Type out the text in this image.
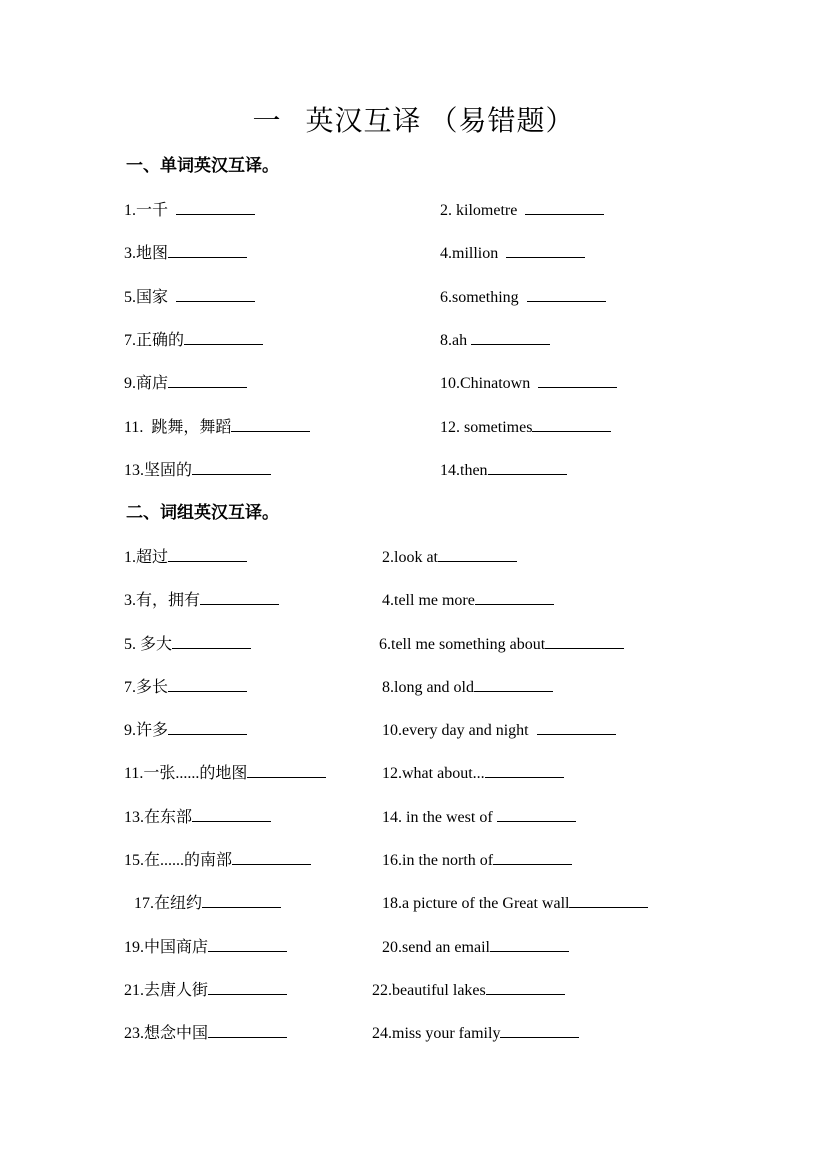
一   英汉互译 （易错题）
一、单词英汉互译。
1.一千	2. kilometre
3.地图	4.million
5.国家	6.something
7.正确的	8.ah
9.商店	10.Chinatown
11.  跳舞，舞蹈	12. sometimes
13.坚固的	14.then
二、词组英汉互译。
1.超过	2.look at
3.有，拥有	4.tell me more
5. 多大	6.tell me something about
7.多长	8.long and old
9.许多	10.every day and night
11.一张......的地图	12.what about...
13.在东部	14. in the west of
15.在......的南部	16.in the north of
17.在纽约	18.a picture of the Great wall
19.中国商店	20.send an email
21.去唐人街	22.beautiful lakes
23.想念中国	24.miss your family
